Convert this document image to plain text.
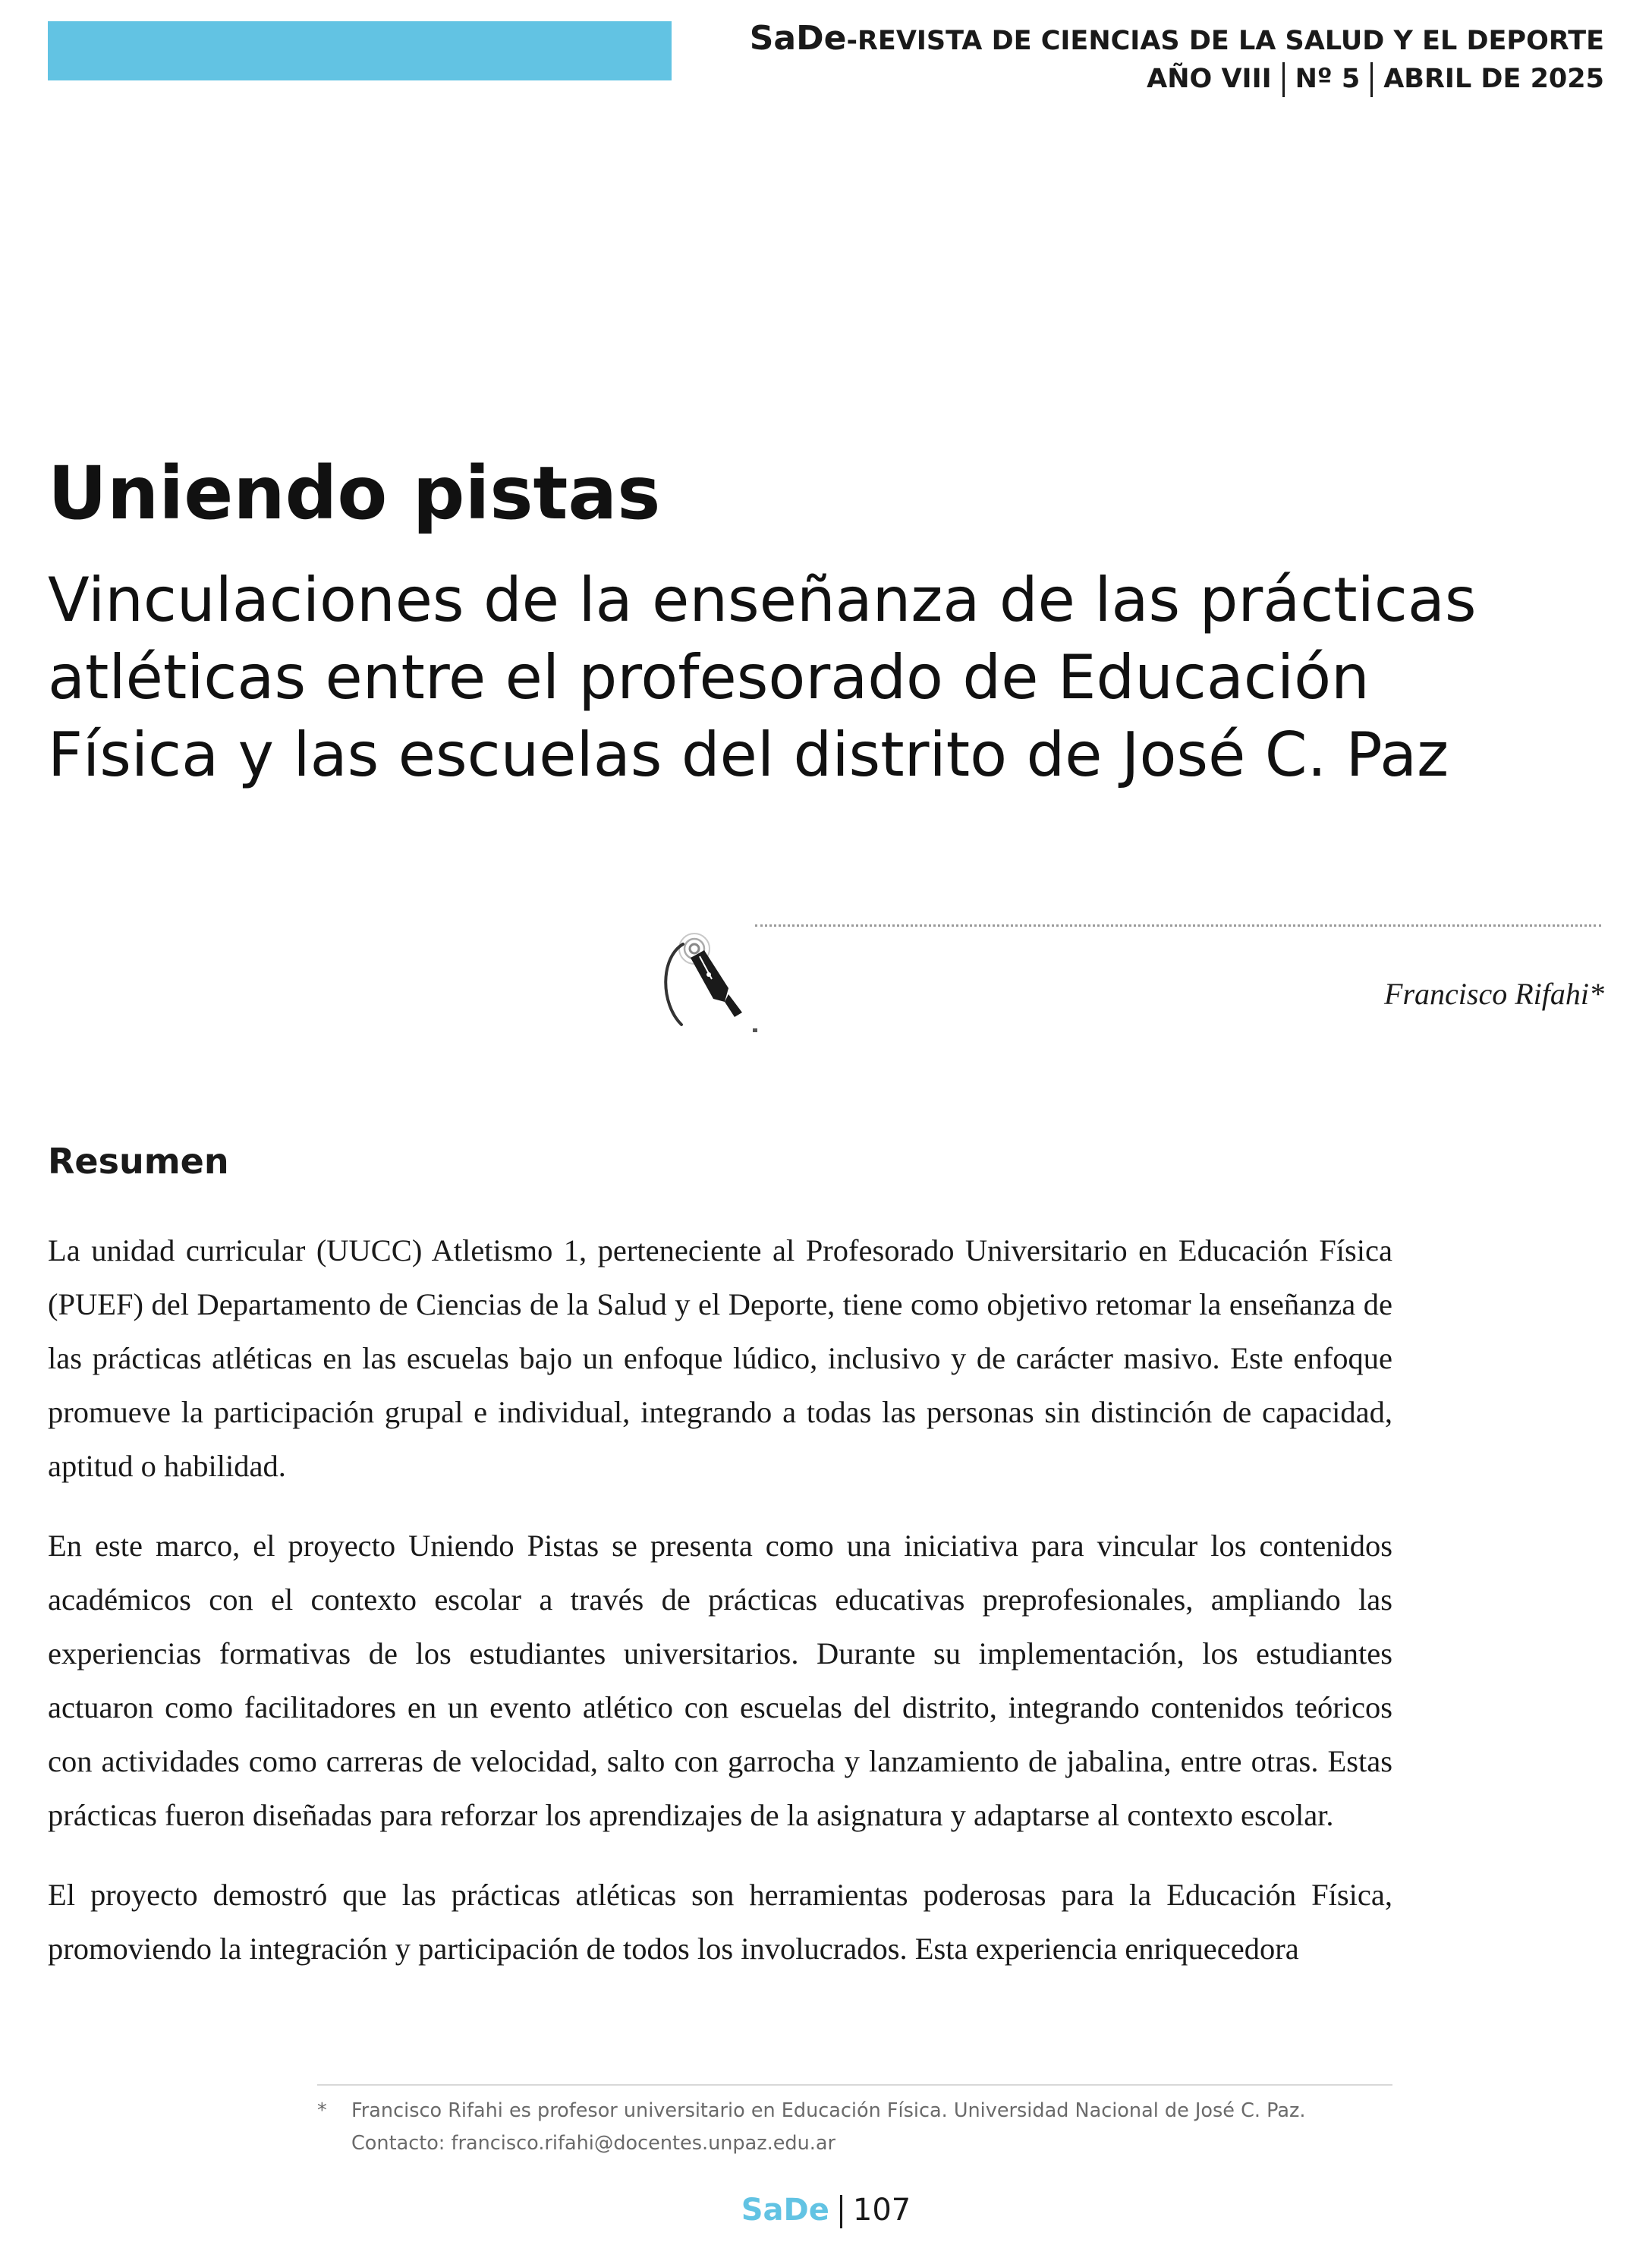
SaDe-REVISTA DE CIENCIAS DE LA SALUD Y EL DEPORTE
AÑO VIII Nº 5 ABRIL DE 2025
Uniendo pistas
Vinculaciones de la enseñanza de las prácticas atléticas entre el profesorado de Educación Física y las escuelas del distrito de José C. Paz
Francisco Rifahi*
Resumen

La unidad curricular (UUCC) Atletismo 1, perteneciente al Profesorado Universitario en Educación Física (PUEF) del Departamento de Ciencias de la Salud y el Deporte, tiene como objetivo retomar la enseñanza de las prácticas atléticas en las escuelas bajo un enfoque lúdico, inclusivo y de carácter masivo. Este enfoque promueve la participación grupal e individual, integrando a todas las personas sin distinción de capacidad, aptitud o habilidad.

En este marco, el proyecto Uniendo Pistas se presenta como una iniciativa para vincular los contenidos académicos con el contexto escolar a través de prácticas educativas preprofesionales, ampliando las experiencias formativas de los estudiantes universitarios. Durante su implementación, los estudiantes actuaron como facilitadores en un evento atlético con escuelas del distrito, integrando contenidos teóricos con actividades como carreras de velocidad, salto con garrocha y lanzamiento de jabalina, entre otras. Estas prácticas fueron diseñadas para reforzar los aprendizajes de la asignatura y adaptarse al contexto escolar.

El proyecto demostró que las prácticas atléticas son herramientas poderosas para la Educación Física, promoviendo la integración y participación de todos los involucrados. Esta experiencia enriquecedora

*	Francisco Rifahi es profesor universitario en Educación Física. Universidad Nacional de José C. Paz. Contacto: francisco.rifahi@docentes.unpaz.edu.ar
SaDe 107
